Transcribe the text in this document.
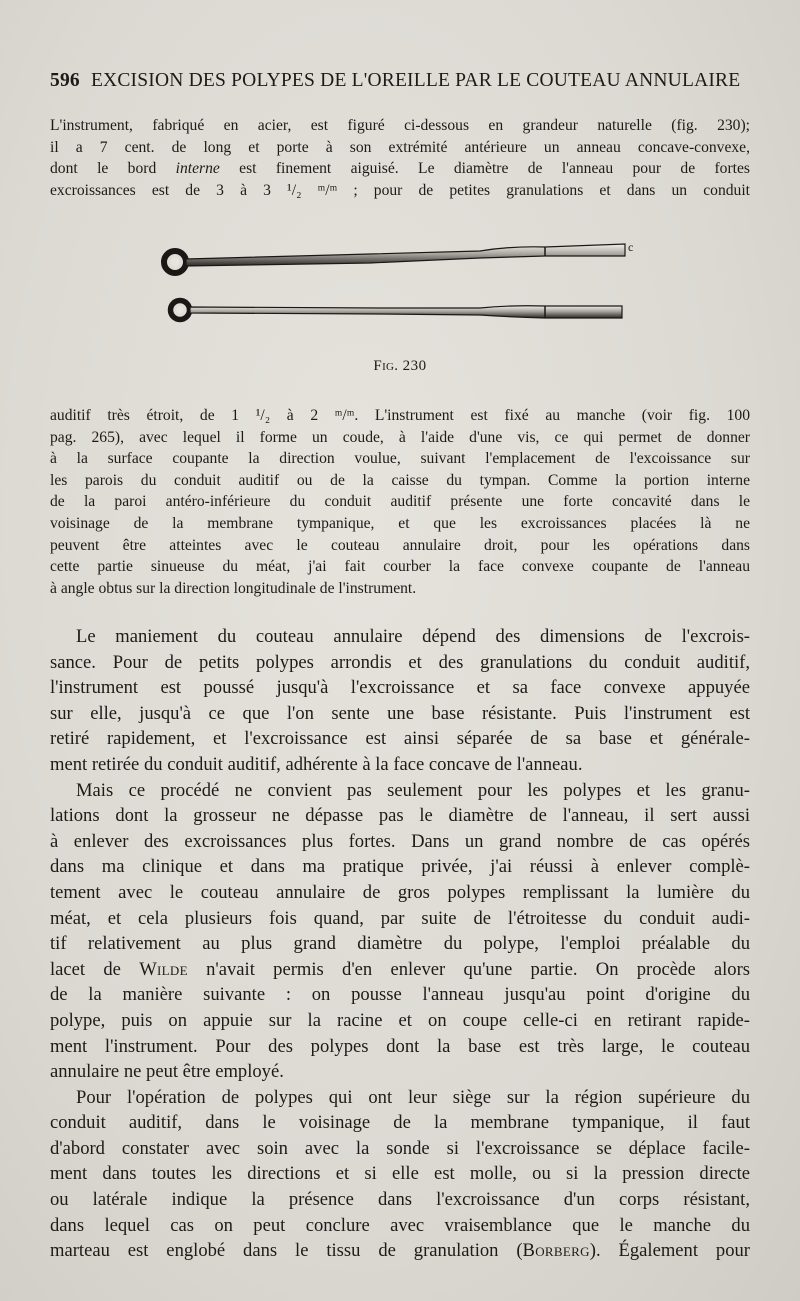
596 EXCISION DES POLYPES DE L'OREILLE PAR LE COUTEAU ANNULAIRE

L'instrument, fabriqué en acier, est figuré ci-dessous en grandeur naturelle (fig. 230);

il a 7 cent. de long et porte à son extrémité antérieure un anneau concave-convexe,

dont le bord interne est finement aiguisé. Le diamètre de l'anneau pour de fortes

excroissances est de 3 à 3 ¹/₂ ᵐ/ᵐ ; pour de petites granulations et dans un conduit

c
Fig. 230

auditif très étroit, de 1 ¹/₂ à 2 ᵐ/ᵐ. L'instrument est fixé au manche (voir fig. 100

pag. 265), avec lequel il forme un coude, à l'aide d'une vis, ce qui permet de donner

à la surface coupante la direction voulue, suivant l'emplacement de l'excoissance sur

les parois du conduit auditif ou de la caisse du tympan. Comme la portion interne

de la paroi antéro-inférieure du conduit auditif présente une forte concavité dans le

voisinage de la membrane tympanique, et que les excroissances placées là ne

peuvent être atteintes avec le couteau annulaire droit, pour les opérations dans

cette partie sinueuse du méat, j'ai fait courber la face convexe coupante de l'anneau

à angle obtus sur la direction longitudinale de l'instrument.

Le maniement du couteau annulaire dépend des dimensions de l'excrois-

sance. Pour de petits polypes arrondis et des granulations du conduit auditif,

l'instrument est poussé jusqu'à l'excroissance et sa face convexe appuyée

sur elle, jusqu'à ce que l'on sente une base résistante. Puis l'instrument est

retiré rapidement, et l'excroissance est ainsi séparée de sa base et générale-

ment retirée du conduit auditif, adhérente à la face concave de l'anneau.

Mais ce procédé ne convient pas seulement pour les polypes et les granu-

lations dont la grosseur ne dépasse pas le diamètre de l'anneau, il sert aussi

à enlever des excroissances plus fortes. Dans un grand nombre de cas opérés

dans ma clinique et dans ma pratique privée, j'ai réussi à enlever complè-

tement avec le couteau annulaire de gros polypes remplissant la lumière du

méat, et cela plusieurs fois quand, par suite de l'étroitesse du conduit audi-

tif relativement au plus grand diamètre du polype, l'emploi préalable du

lacet de Wilde n'avait permis d'en enlever qu'une partie. On procède alors

de la manière suivante : on pousse l'anneau jusqu'au point d'origine du

polype, puis on appuie sur la racine et on coupe celle-ci en retirant rapide-

ment l'instrument. Pour des polypes dont la base est très large, le couteau

annulaire ne peut être employé.

Pour l'opération de polypes qui ont leur siège sur la région supérieure du

conduit auditif, dans le voisinage de la membrane tympanique, il faut

d'abord constater avec soin avec la sonde si l'excroissance se déplace facile-

ment dans toutes les directions et si elle est molle, ou si la pression directe

ou latérale indique la présence dans l'excroissance d'un corps résistant,

dans lequel cas on peut conclure avec vraisemblance que le manche du

marteau est englobé dans le tissu de granulation (Borberg). Également pour
